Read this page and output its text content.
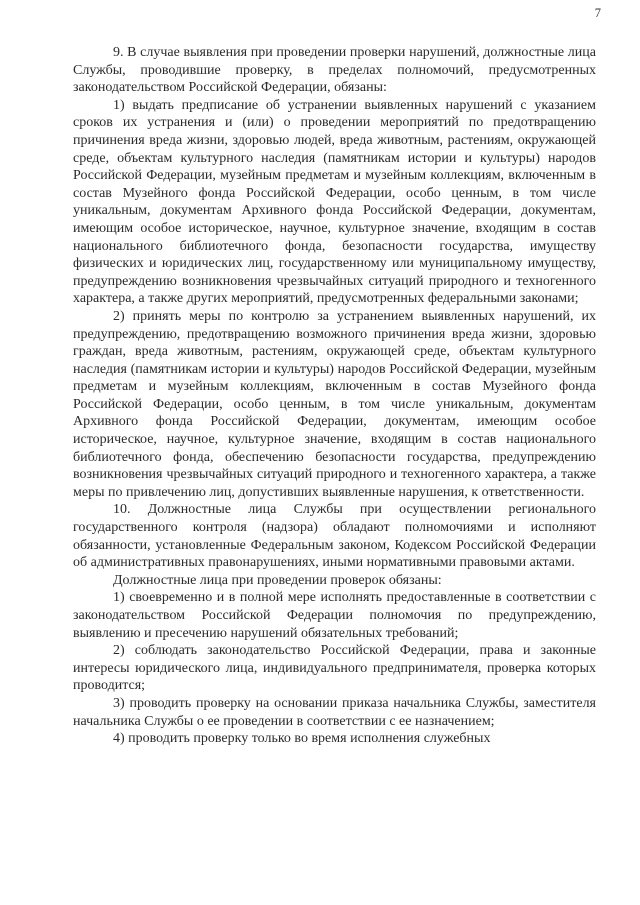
7

9. В случае выявления при проведении проверки нарушений, должностные лица Службы, проводившие проверку, в пределах полномочий, предусмотренных законодательством Российской Федерации, обязаны:

1) выдать предписание об устранении выявленных нарушений с указанием сроков их устранения и (или) о проведении мероприятий по предотвращению причинения вреда жизни, здоровью людей, вреда животным, растениям, окружающей среде, объектам культурного наследия (памятникам истории и культуры) народов Российской Федерации, музейным предметам и музейным коллекциям, включенным в состав Музейного фонда Российской Федерации, особо ценным, в том числе уникальным, документам Архивного фонда Российской Федерации, документам, имеющим особое историческое, научное, культурное значение, входящим в состав национального библиотечного фонда, безопасности государства, имуществу физических и юридических лиц, государственному или муниципальному имуществу, предупреждению возникновения чрезвычайных ситуаций природного и техногенного характера, а также других мероприятий, предусмотренных федеральными законами;

2) принять меры по контролю за устранением выявленных нарушений, их предупреждению, предотвращению возможного причинения вреда жизни, здоровью граждан, вреда животным, растениям, окружающей среде, объектам культурного наследия (памятникам истории и культуры) народов Российской Федерации, музейным предметам и музейным коллекциям, включенным в состав Музейного фонда Российской Федерации, особо ценным, в том числе уникальным, документам Архивного фонда Российской Федерации, документам, имеющим особое историческое, научное, культурное значение, входящим в состав национального библиотечного фонда, обеспечению безопасности государства, предупреждению возникновения чрезвычайных ситуаций природного и техногенного характера, а также меры по привлечению лиц, допустивших выявленные нарушения, к ответственности.

10. Должностные лица Службы при осуществлении регионального государственного контроля (надзора) обладают полномочиями и исполняют обязанности, установленные Федеральным законом, Кодексом Российской Федерации об административных правонарушениях, иными нормативными правовыми актами.

Должностные лица при проведении проверок обязаны:

1) своевременно и в полной мере исполнять предоставленные в соответствии с законодательством Российской Федерации полномочия по предупреждению, выявлению и пресечению нарушений обязательных требований;

2) соблюдать законодательство Российской Федерации, права и законные интересы юридического лица, индивидуального предпринимателя, проверка которых проводится;

3) проводить проверку на основании приказа начальника Службы, заместителя начальника Службы о ее проведении в соответствии с ее назначением;

4) проводить проверку только во время исполнения служебных
